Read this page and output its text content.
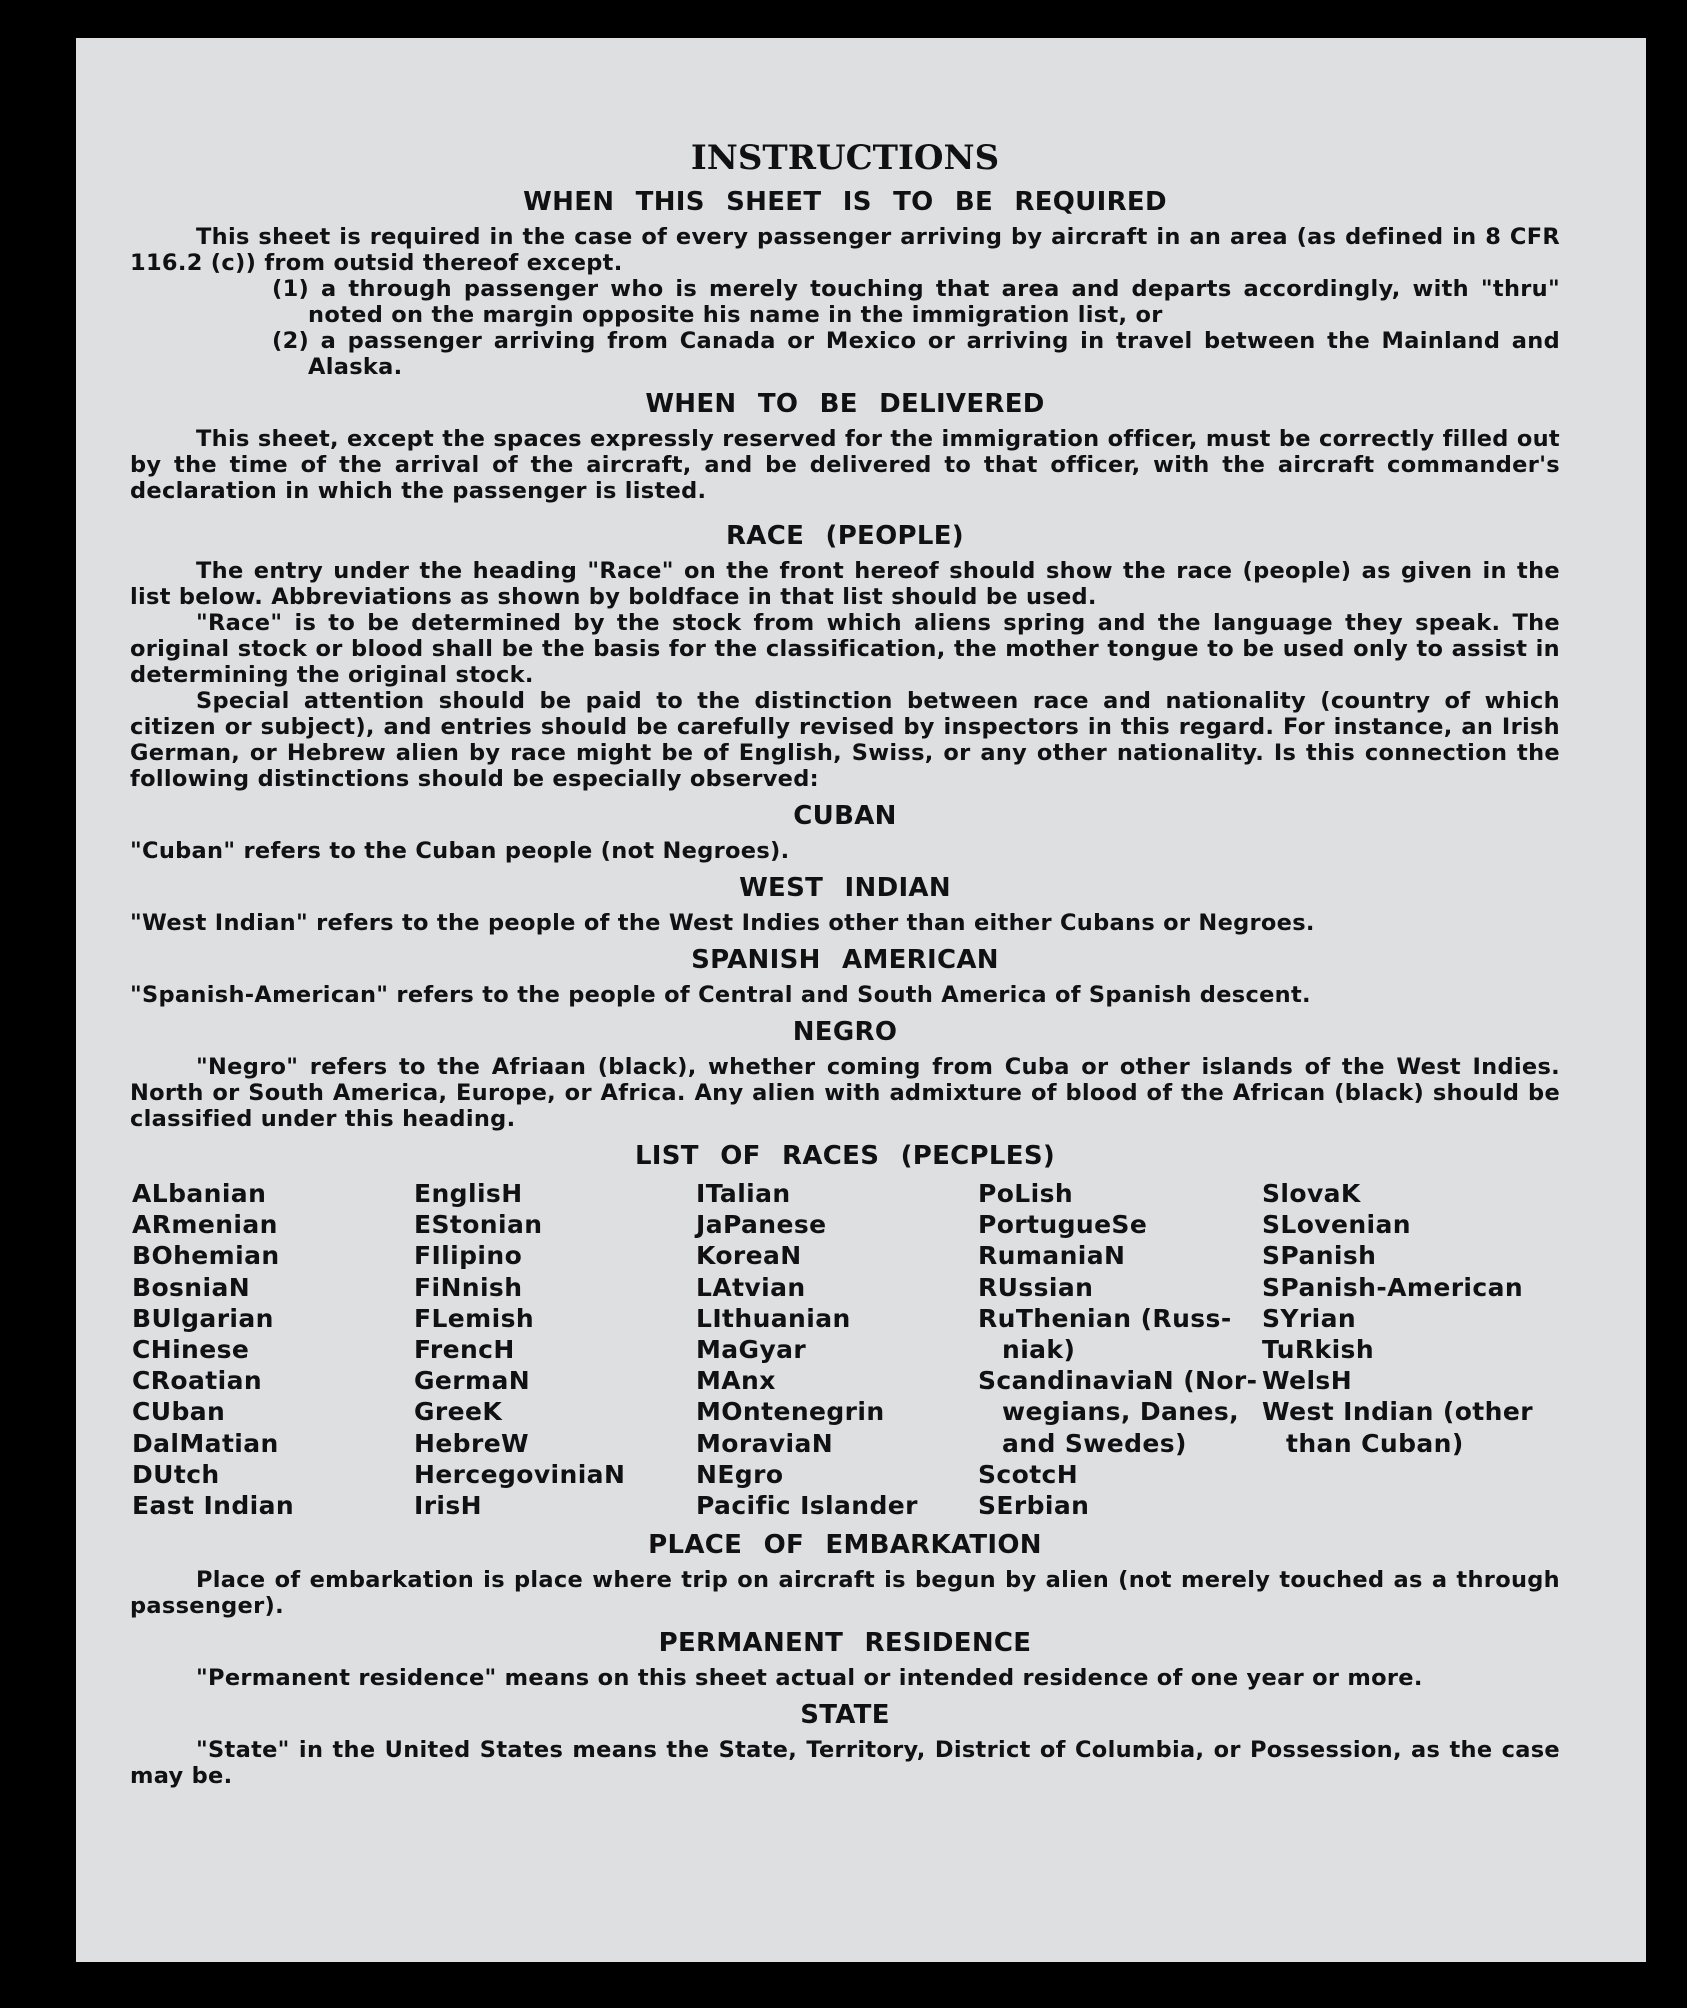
INSTRUCTIONS
WHEN THIS SHEET IS TO BE REQUIRED

This sheet is required in the case of every passenger arriving by aircraft in an area (as defined in 8 CFR 116.2 (c)) from outsid thereof except.

(1) a through passenger who is merely touching that area and departs accordingly, with "thru" noted on the margin opposite his name in the immigration list, or

(2) a passenger arriving from Canada or Mexico or arriving in travel between the Mainland and Alaska.

WHEN TO BE DELIVERED

This sheet, except the spaces expressly reserved for the immigration officer, must be correctly filled out by the time of the arrival of the aircraft, and be delivered to that officer, with the aircraft commander's declaration in which the passenger is listed.

RACE (PEOPLE)

The entry under the heading "Race" on the front hereof should show the race (people) as given in the list below. Abbreviations as shown by boldface in that list should be used.

"Race" is to be determined by the stock from which aliens spring and the language they speak. The original stock or blood shall be the basis for the classification, the mother tongue to be used only to assist in determining the original stock.

Special attention should be paid to the distinction between race and nationality (country of which citizen or subject), and entries should be carefully revised by inspectors in this regard. For instance, an Irish German, or Hebrew alien by race might be of English, Swiss, or any other nationality. Is this connection the following distinctions should be especially observed:

CUBAN

"Cuban" refers to the Cuban people (not Negroes).

WEST INDIAN

"West Indian" refers to the people of the West Indies other than either Cubans or Negroes.

SPANISH AMERICAN

"Spanish-American" refers to the people of Central and South America of Spanish descent.

NEGRO

"Negro" refers to the Afriaan (black), whether coming from Cuba or other islands of the West Indies. North or South America, Europe, or Africa. Any alien with admixture of blood of the African (black) should be classified under this heading.

LIST OF RACES (PECPLES)
ALbanian
ARmenian
BOhemian
BosniaN
BUlgarian
CHinese
CRoatian
CUban
DalMatian
DUtch
East Indian
EnglisH
EStonian
FIlipino
FiNnish
FLemish
FrencH
GermaN
GreeK
HebreW
HercegoviniaN
IrisH
ITalian
JaPanese
KoreaN
LAtvian
LIthuanian
MaGyar
MAnx
MOntenegrin
MoraviaN
NEgro
Pacific Islander
PoLish
PortugueSe
RumaniaN
RUssian
RuThenian (Russ-
niak)
ScandinaviaN (Nor-
wegians, Danes,
and Swedes)
ScotcH
SErbian
SlovaK
SLovenian
SPanish
SPanish-American
SYrian
TuRkish
WelsH
West Indian (other
than Cuban)
PLACE OF EMBARKATION

Place of embarkation is place where trip on aircraft is begun by alien (not merely touched as a through passenger).

PERMANENT RESIDENCE

"Permanent residence" means on this sheet actual or intended residence of one year or more.

STATE

"State" in the United States means the State, Territory, District of Columbia, or Possession, as the case may be.
